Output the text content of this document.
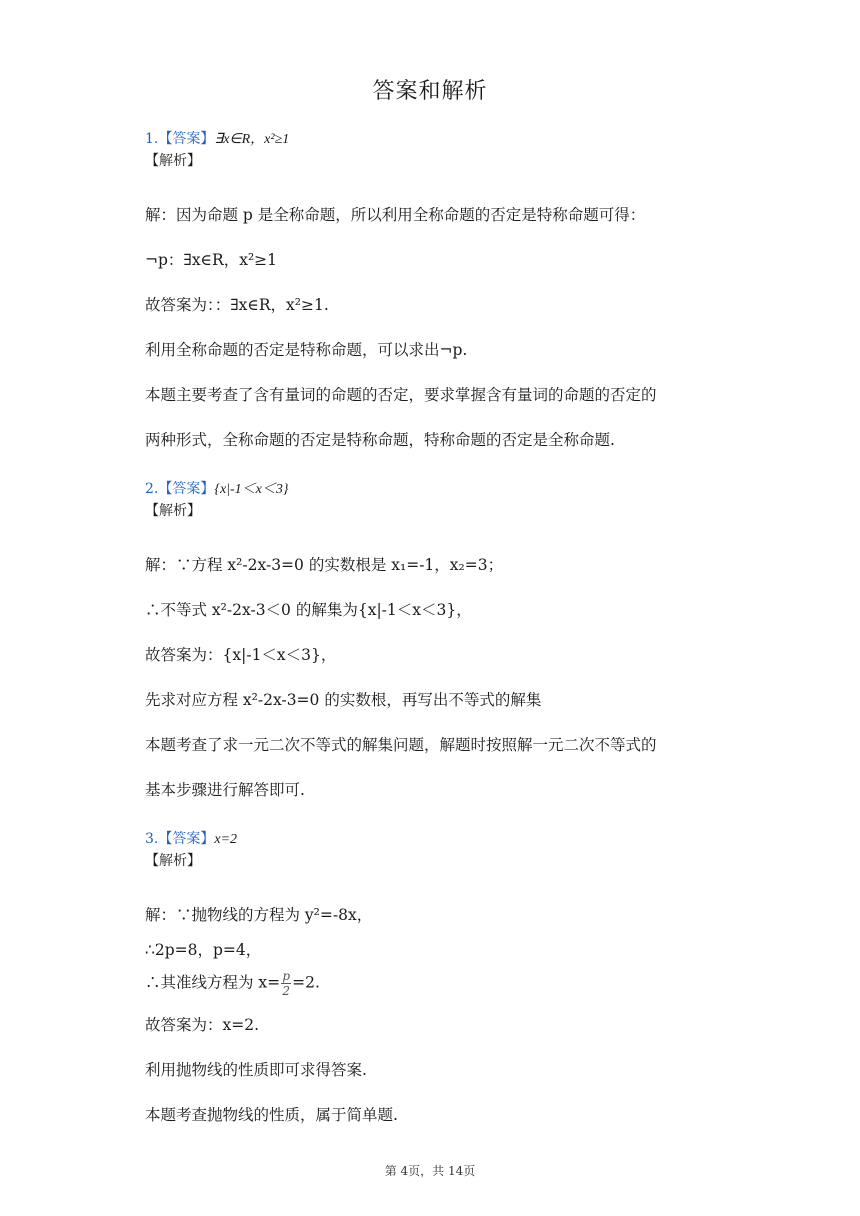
答案和解析
1.【答案】∃x∈R，x²≥1
【解析】
解：因为命题 p 是全称命题，所以利用全称命题的否定是特称命题可得：
¬p：∃x∈R，x²≥1
故答案为：：∃x∈R，x²≥1.
利用全称命题的否定是特称命题，可以求出¬p.
本题主要考查了含有量词的命题的否定，要求掌握含有量词的命题的否定的
两种形式，全称命题的否定是特称命题，特称命题的否定是全称命题.
2.【答案】{x|-1＜x＜3}
【解析】
解：∵方程 x²-2x-3=0 的实数根是 x₁=-1，x₂=3；
∴不等式 x²-2x-3＜0 的解集为{x|-1＜x＜3}，
故答案为：{x|-1＜x＜3}，
先求对应方程 x²-2x-3=0 的实数根，再写出不等式的解集
本题考查了求一元二次不等式的解集问题，解题时按照解一元二次不等式的
基本步骤进行解答即可.
3.【答案】x=2
【解析】
解：∵抛物线的方程为 y²=-8x，
∴2p=8，p=4，
∴其准线方程为 $x= \frac{p}{2} =2$.
故答案为：x=2.
利用抛物线的性质即可求得答案.
本题考查抛物线的性质，属于简单题.
第 4页，共 14页
